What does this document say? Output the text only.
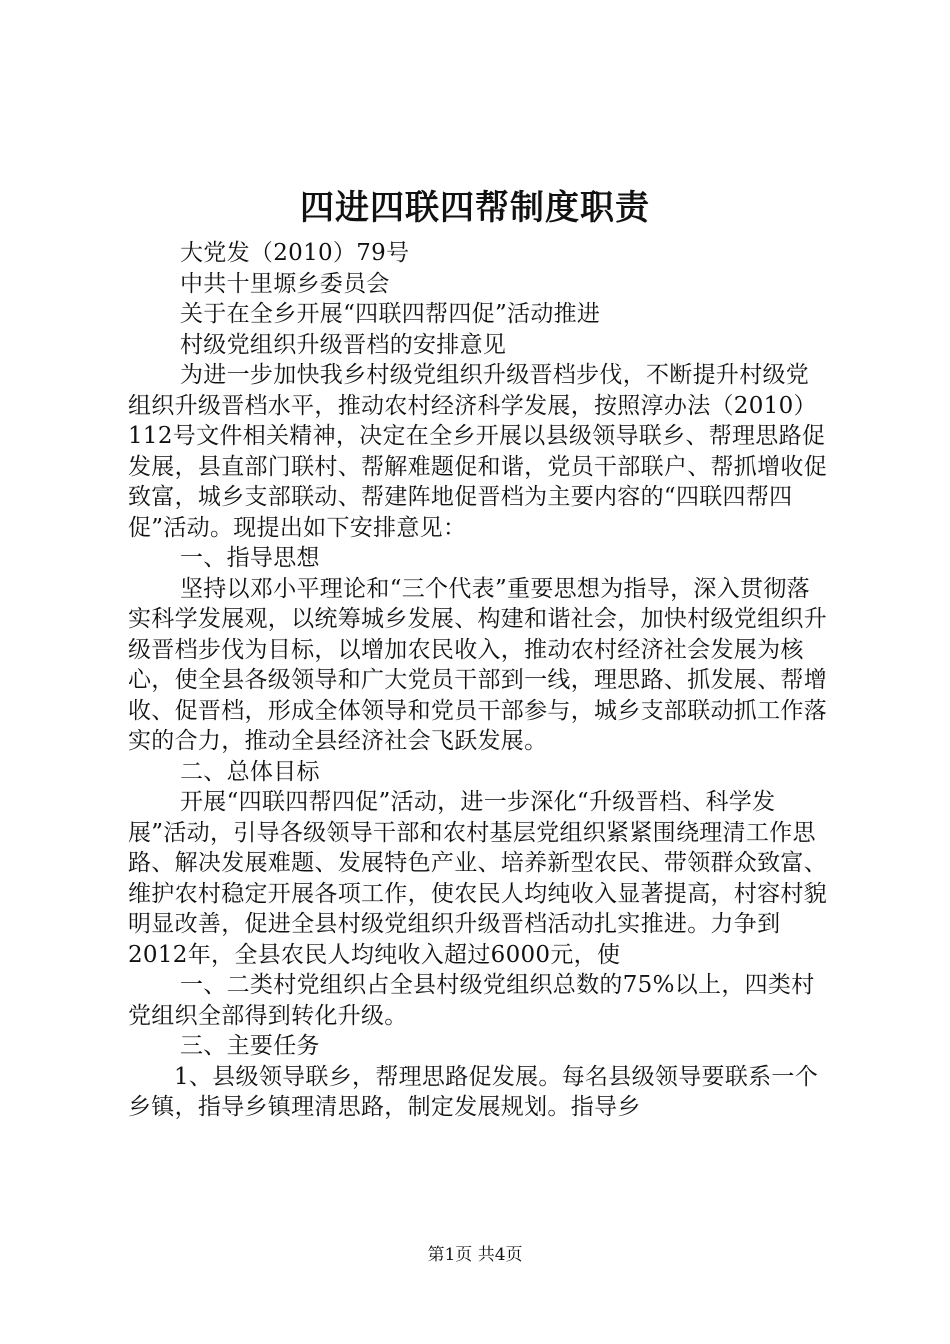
四进四联四帮制度职责

大党发（2010）79号

中共十里塬乡委员会

关于在全乡开展“四联四帮四促”活动推进

村级党组织升级晋档的安排意见

为进一步加快我乡村级党组织升级晋档步伐，不断提升村级党组织升级晋档水平，推动农村经济科学发展，按照淳办法（2010）112号文件相关精神，决定在全乡开展以县级领导联乡、帮理思路促发展，县直部门联村、帮解难题促和谐，党员干部联户、帮抓增收促致富，城乡支部联动、帮建阵地促晋档为主要内容的“四联四帮四促”活动。现提出如下安排意见：

一、指导思想

坚持以邓小平理论和“三个代表”重要思想为指导，深入贯彻落实科学发展观，以统筹城乡发展、构建和谐社会，加快村级党组织升级晋档步伐为目标，以增加农民收入，推动农村经济社会发展为核心，使全县各级领导和广大党员干部到一线，理思路、抓发展、帮增收、促晋档，形成全体领导和党员干部参与，城乡支部联动抓工作落实的合力，推动全县经济社会飞跃发展。

二、总体目标

开展“四联四帮四促”活动，进一步深化“升级晋档、科学发展”活动，引导各级领导干部和农村基层党组织紧紧围绕理清工作思路、解决发展难题、发展特色产业、培养新型农民、带领群众致富、维护农村稳定开展各项工作，使农民人均纯收入显著提高，村容村貌明显改善，促进全县村级党组织升级晋档活动扎实推进。力争到2012年，全县农民人均纯收入超过6000元，使

一、二类村党组织占全县村级党组织总数的75%以上，四类村党组织全部得到转化升级。

三、主要任务

1、县级领导联乡，帮理思路促发展。每名县级领导要联系一个乡镇，指导乡镇理清思路，制定发展规划。指导乡

第1页 共4页
